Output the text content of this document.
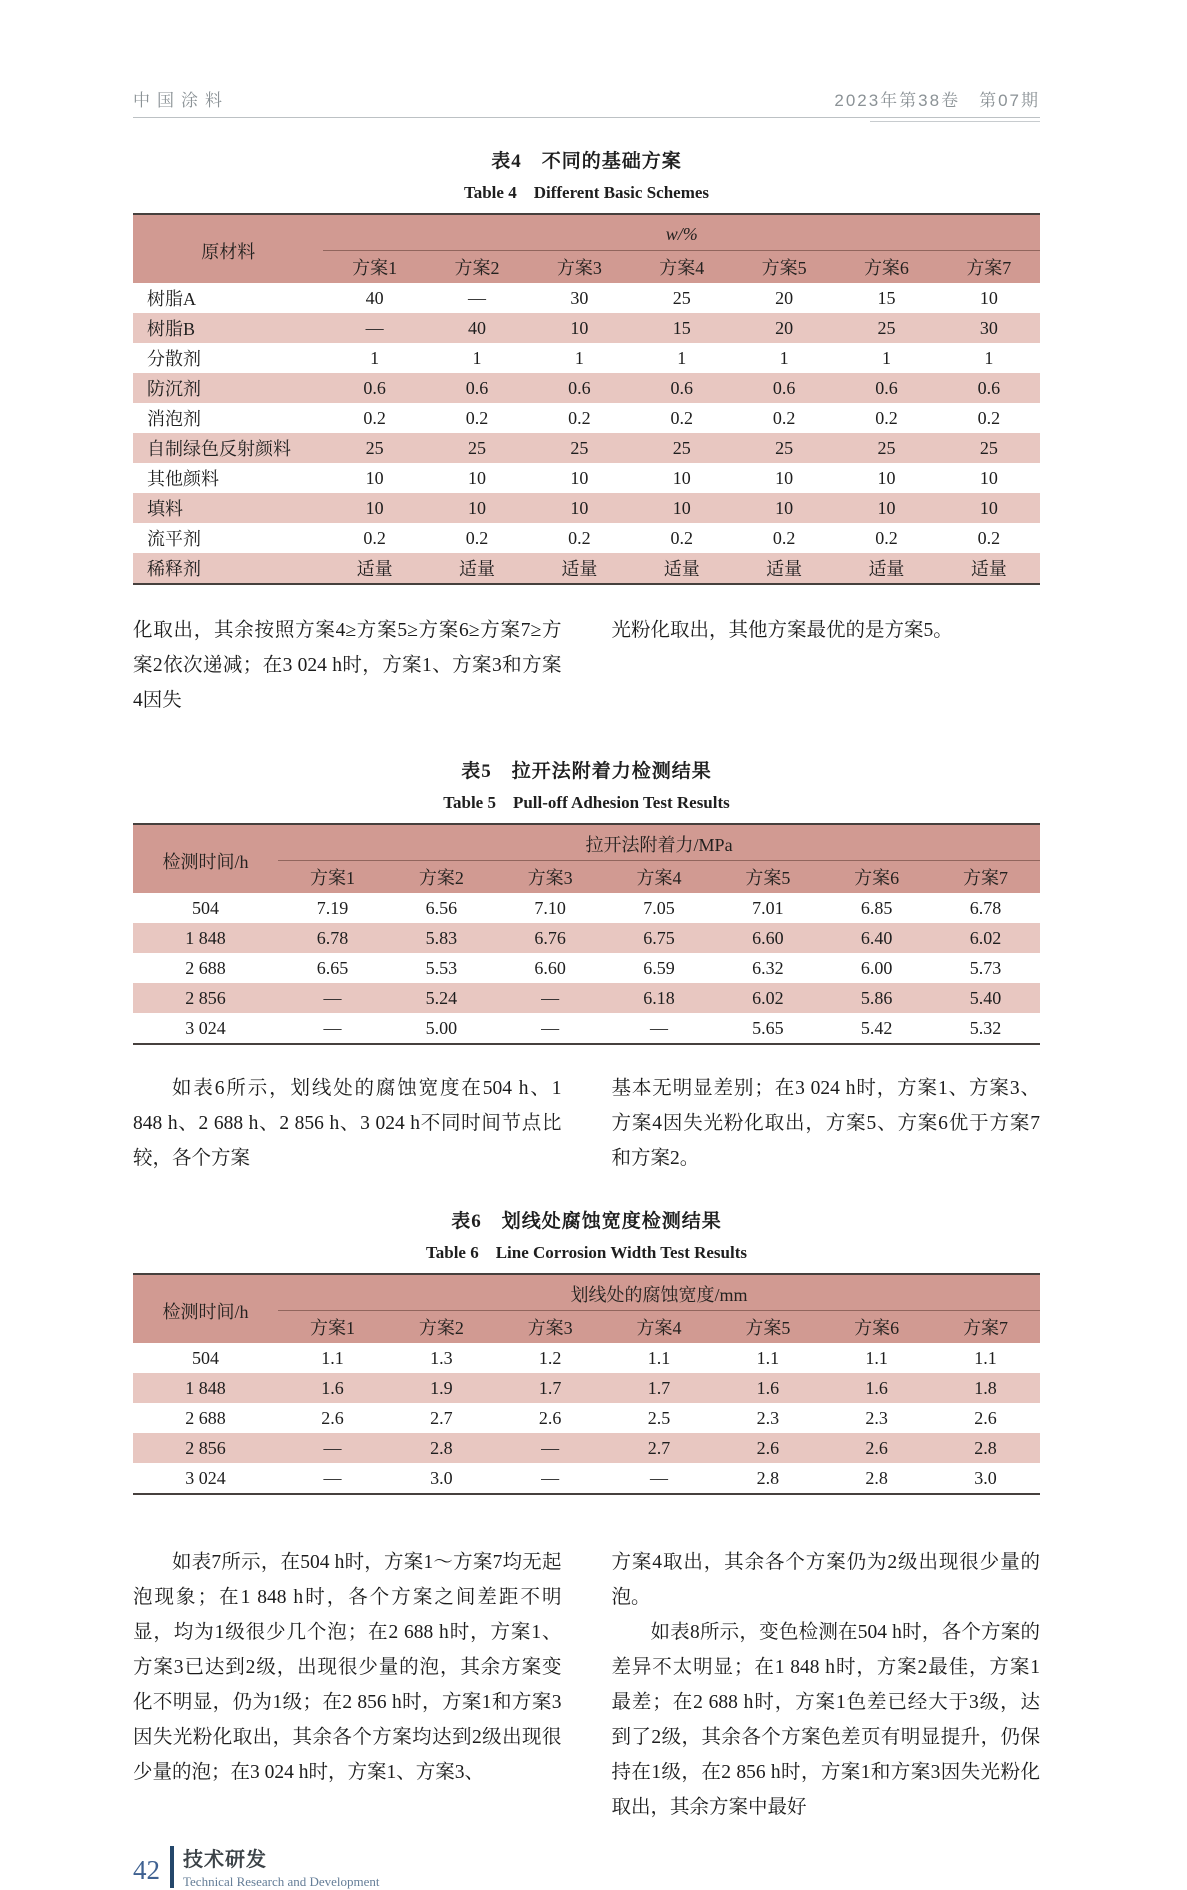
中国涂料	2023年第38卷　第07期
表4　不同的基础方案
Table 4　Different Basic Schemes
原材料	w/%						
	方案1	方案2	方案3	方案4	方案5	方案6	方案7
树脂A	40	—	30	25	20	15	10
树脂B	—	40	10	15	20	25	30
分散剂	1	1	1	1	1	1	1
防沉剂	0.6	0.6	0.6	0.6	0.6	0.6	0.6
消泡剂	0.2	0.2	0.2	0.2	0.2	0.2	0.2
自制绿色反射颜料	25	25	25	25	25	25	25
其他颜料	10	10	10	10	10	10	10
填料	10	10	10	10	10	10	10
流平剂	0.2	0.2	0.2	0.2	0.2	0.2	0.2
稀释剂	适量	适量	适量	适量	适量	适量	适量

化取出，其余按照方案4≥方案5≥方案6≥方案7≥方案2依次递减；在3 024 h时，方案1、方案3和方案4因失

光粉化取出，其他方案最优的是方案5。

表5　拉开法附着力检测结果
Table 5　Pull-off Adhesion Test Results
检测时间/h	拉开法附着力/MPa						
	方案1	方案2	方案3	方案4	方案5	方案6	方案7
504	7.19	6.56	7.10	7.05	7.01	6.85	6.78
1 848	6.78	5.83	6.76	6.75	6.60	6.40	6.02
2 688	6.65	5.53	6.60	6.59	6.32	6.00	5.73
2 856	—	5.24	—	6.18	6.02	5.86	5.40
3 024	—	5.00	—	—	5.65	5.42	5.32

如表6所示，划线处的腐蚀宽度在504 h、1 848 h、2 688 h、2 856 h、3 024 h不同时间节点比较，各个方案

基本无明显差别；在3 024 h时，方案1、方案3、方案4因失光粉化取出，方案5、方案6优于方案7和方案2。

表6　划线处腐蚀宽度检测结果
Table 6　Line Corrosion Width Test Results
检测时间/h	划线处的腐蚀宽度/mm						
	方案1	方案2	方案3	方案4	方案5	方案6	方案7
504	1.1	1.3	1.2	1.1	1.1	1.1	1.1
1 848	1.6	1.9	1.7	1.7	1.6	1.6	1.8
2 688	2.6	2.7	2.6	2.5	2.3	2.3	2.6
2 856	—	2.8	—	2.7	2.6	2.6	2.8
3 024	—	3.0	—	—	2.8	2.8	3.0

如表7所示，在504 h时，方案1～方案7均无起泡现象；在1 848 h时，各个方案之间差距不明显，均为1级很少几个泡；在2 688 h时，方案1、方案3已达到2级，出现很少量的泡，其余方案变化不明显，仍为1级；在2 856 h时，方案1和方案3因失光粉化取出，其余各个方案均达到2级出现很少量的泡；在3 024 h时，方案1、方案3、

方案4取出，其余各个方案仍为2级出现很少量的泡。

如表8所示，变色检测在504 h时，各个方案的差异不太明显；在1 848 h时，方案2最佳，方案1最差；在2 688 h时，方案1色差已经大于3级，达到了2级，其余各个方案色差页有明显提升，仍保持在1级，在2 856 h时，方案1和方案3因失光粉化取出，其余方案中最好

42 技术研发
Technical Research and Development
